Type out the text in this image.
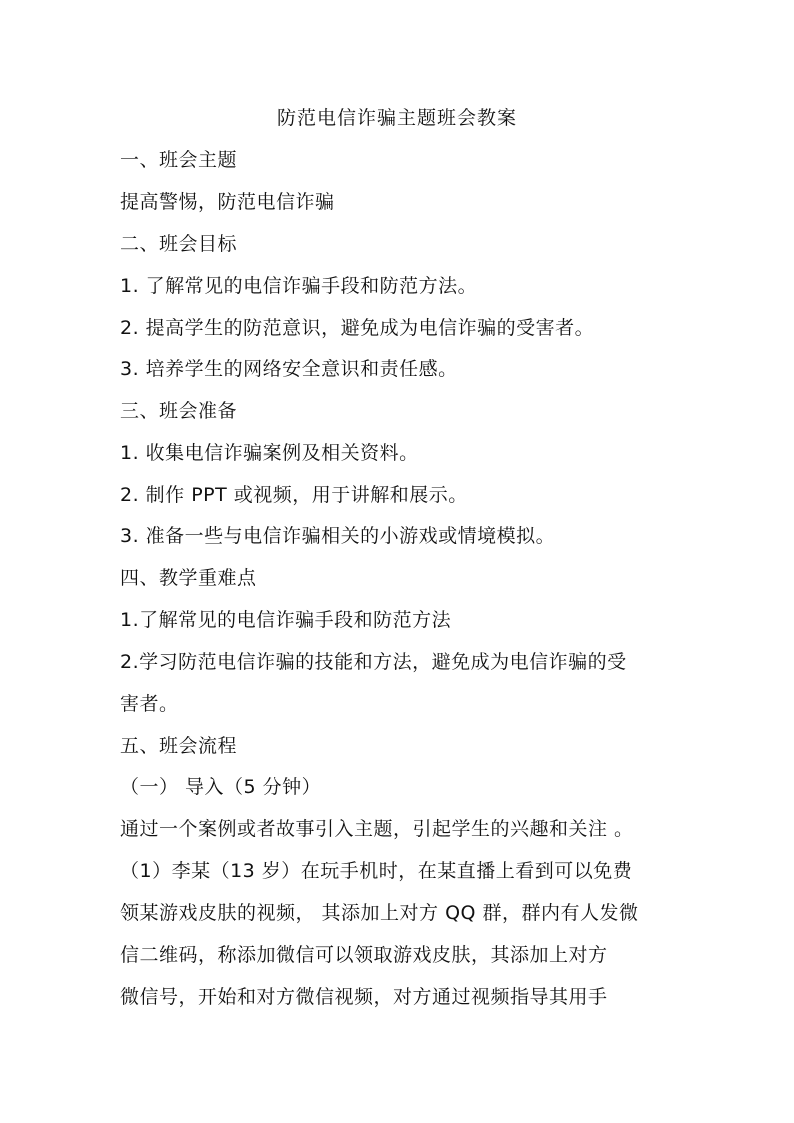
防范电信诈骗主题班会教案
一、班会主题
提高警惕，防范电信诈骗
二、班会目标
1. 了解常见的电信诈骗手段和防范方法。
2. 提高学生的防范意识，避免成为电信诈骗的受害者。
3. 培养学生的网络安全意识和责任感。
三、班会准备
1. 收集电信诈骗案例及相关资料。
2. 制作 PPT 或视频，用于讲解和展示。
3. 准备一些与电信诈骗相关的小游戏或情境模拟。
四、教学重难点
1.了解常见的电信诈骗手段和防范方法
2.学习防范电信诈骗的技能和方法，避免成为电信诈骗的受
害者。
五、班会流程
（一） 导入（5 分钟）
通过一个案例或者故事引入主题，引起学生的兴趣和关注 。
（1）李某（13 岁）在玩手机时，在某直播上看到可以免费
领某游戏皮肤的视频， 其添加上对方 QQ 群，群内有人发微
信二维码，称添加微信可以领取游戏皮肤，其添加上对方
微信号，开始和对方微信视频，对方通过视频指导其用手
